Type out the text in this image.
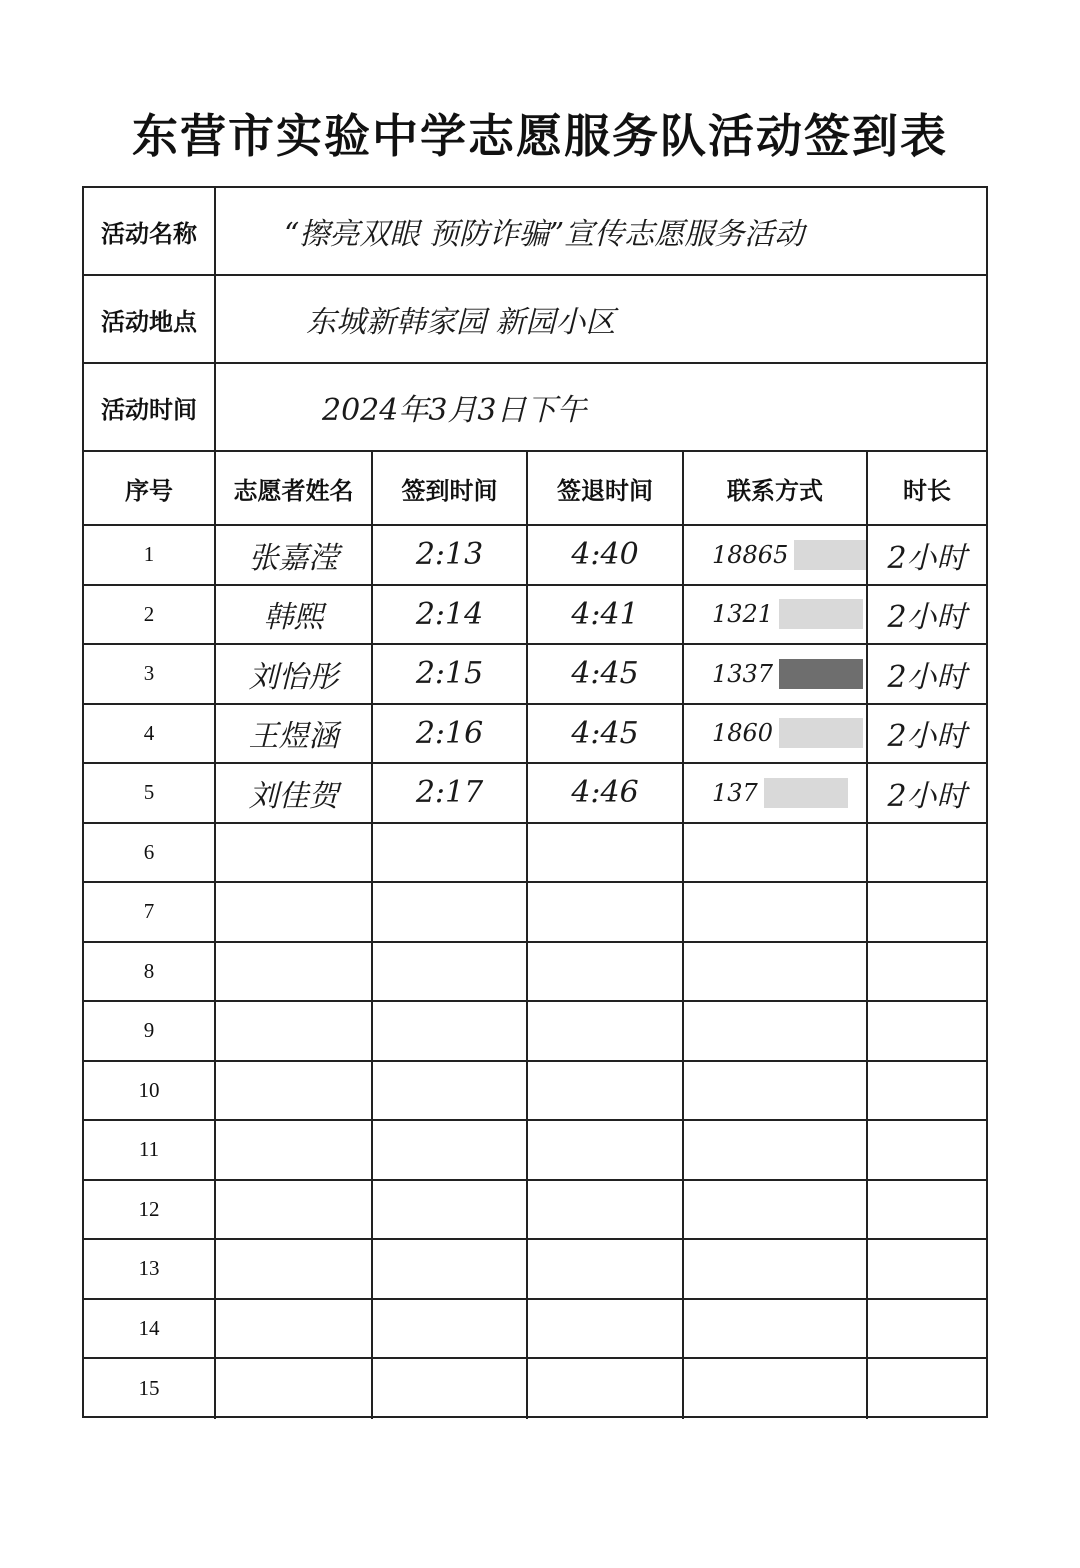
东营市实验中学志愿服务队活动签到表
活动名称	“擦亮双眼 预防诈骗”宣传志愿服务活动
活动地点	东城新韩家园 新园小区
活动时间	2024年3月3日下午
序号	志愿者姓名	签到时间	签退时间	联系方式	时长
1	张嘉滢	2:13	4:40	18865	2小时
2	韩熙	2:14	4:41	1321	2小时
3	刘怡彤	2:15	4:45	1337	2小时
4	王煜涵	2:16	4:45	1860	2小时
5	刘佳贺	2:17	4:46	137	2小时
6
7
8
9
10
11
12
13
14
15
